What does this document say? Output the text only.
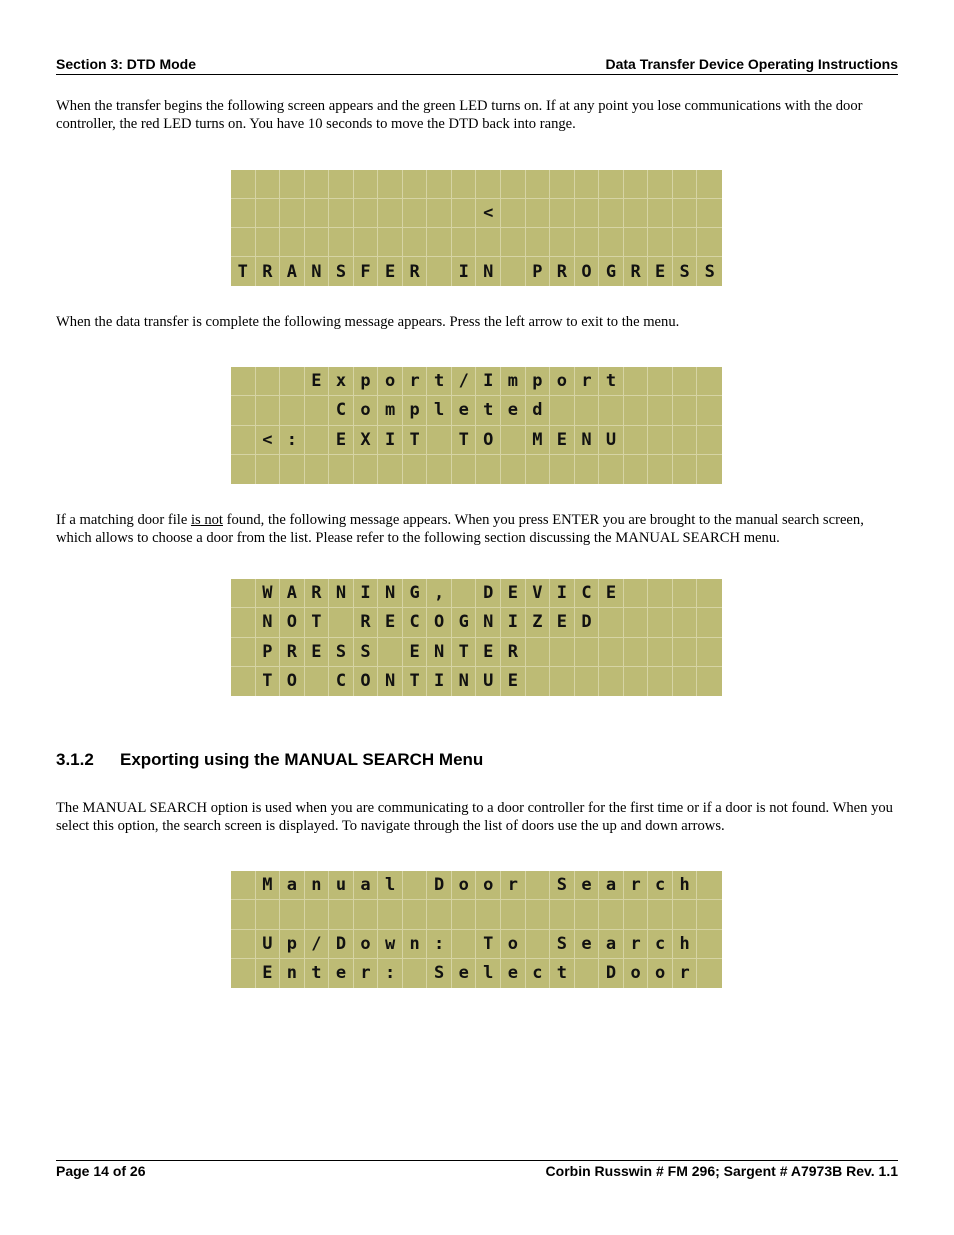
Section 3: DTD Mode	Data Transfer Device Operating Instructions
When the transfer begins the following screen appears and the green LED turns on. If at any point you lose communications with the door controller, the red LED turns on. You have 10 seconds to move the DTD back into range.

<

T R A N S F E R
	I N
	P R O G R E S S
When the data transfer is complete the following message appears. Press the left arrow to exit to the menu.

E x p o r t / I m p o r t

C o m p l e t e d

< :
	E X I T
	T O
	M E N U

If a matching door file is not found, the following message appears. When you press ENTER you are brought to the manual search screen, which allows to choose a door from the list. Please refer to the following section discussing the MANUAL SEARCH menu.

W A R N I N G ,
	D E V I C E

N O T
	R E C O G N I Z E D

P R E S S
	E N T E R

T O
	C O N T I N U E

3.1.2 Exporting using the MANUAL SEARCH Menu
The MANUAL SEARCH option is used when you are communicating to a door controller for the first time or if a door is not found. When you select this option, the search screen is displayed. To navigate through the list of doors use the up and down arrows.

M a n u a l
	D o o r
	S e a r c h

U p / D o w n :
	T o
	S e a r c h

E n t e r :
	S e l e c t
	D o o r

Page 14 of 26	Corbin Russwin # FM 296; Sargent # A7973B Rev. 1.1
